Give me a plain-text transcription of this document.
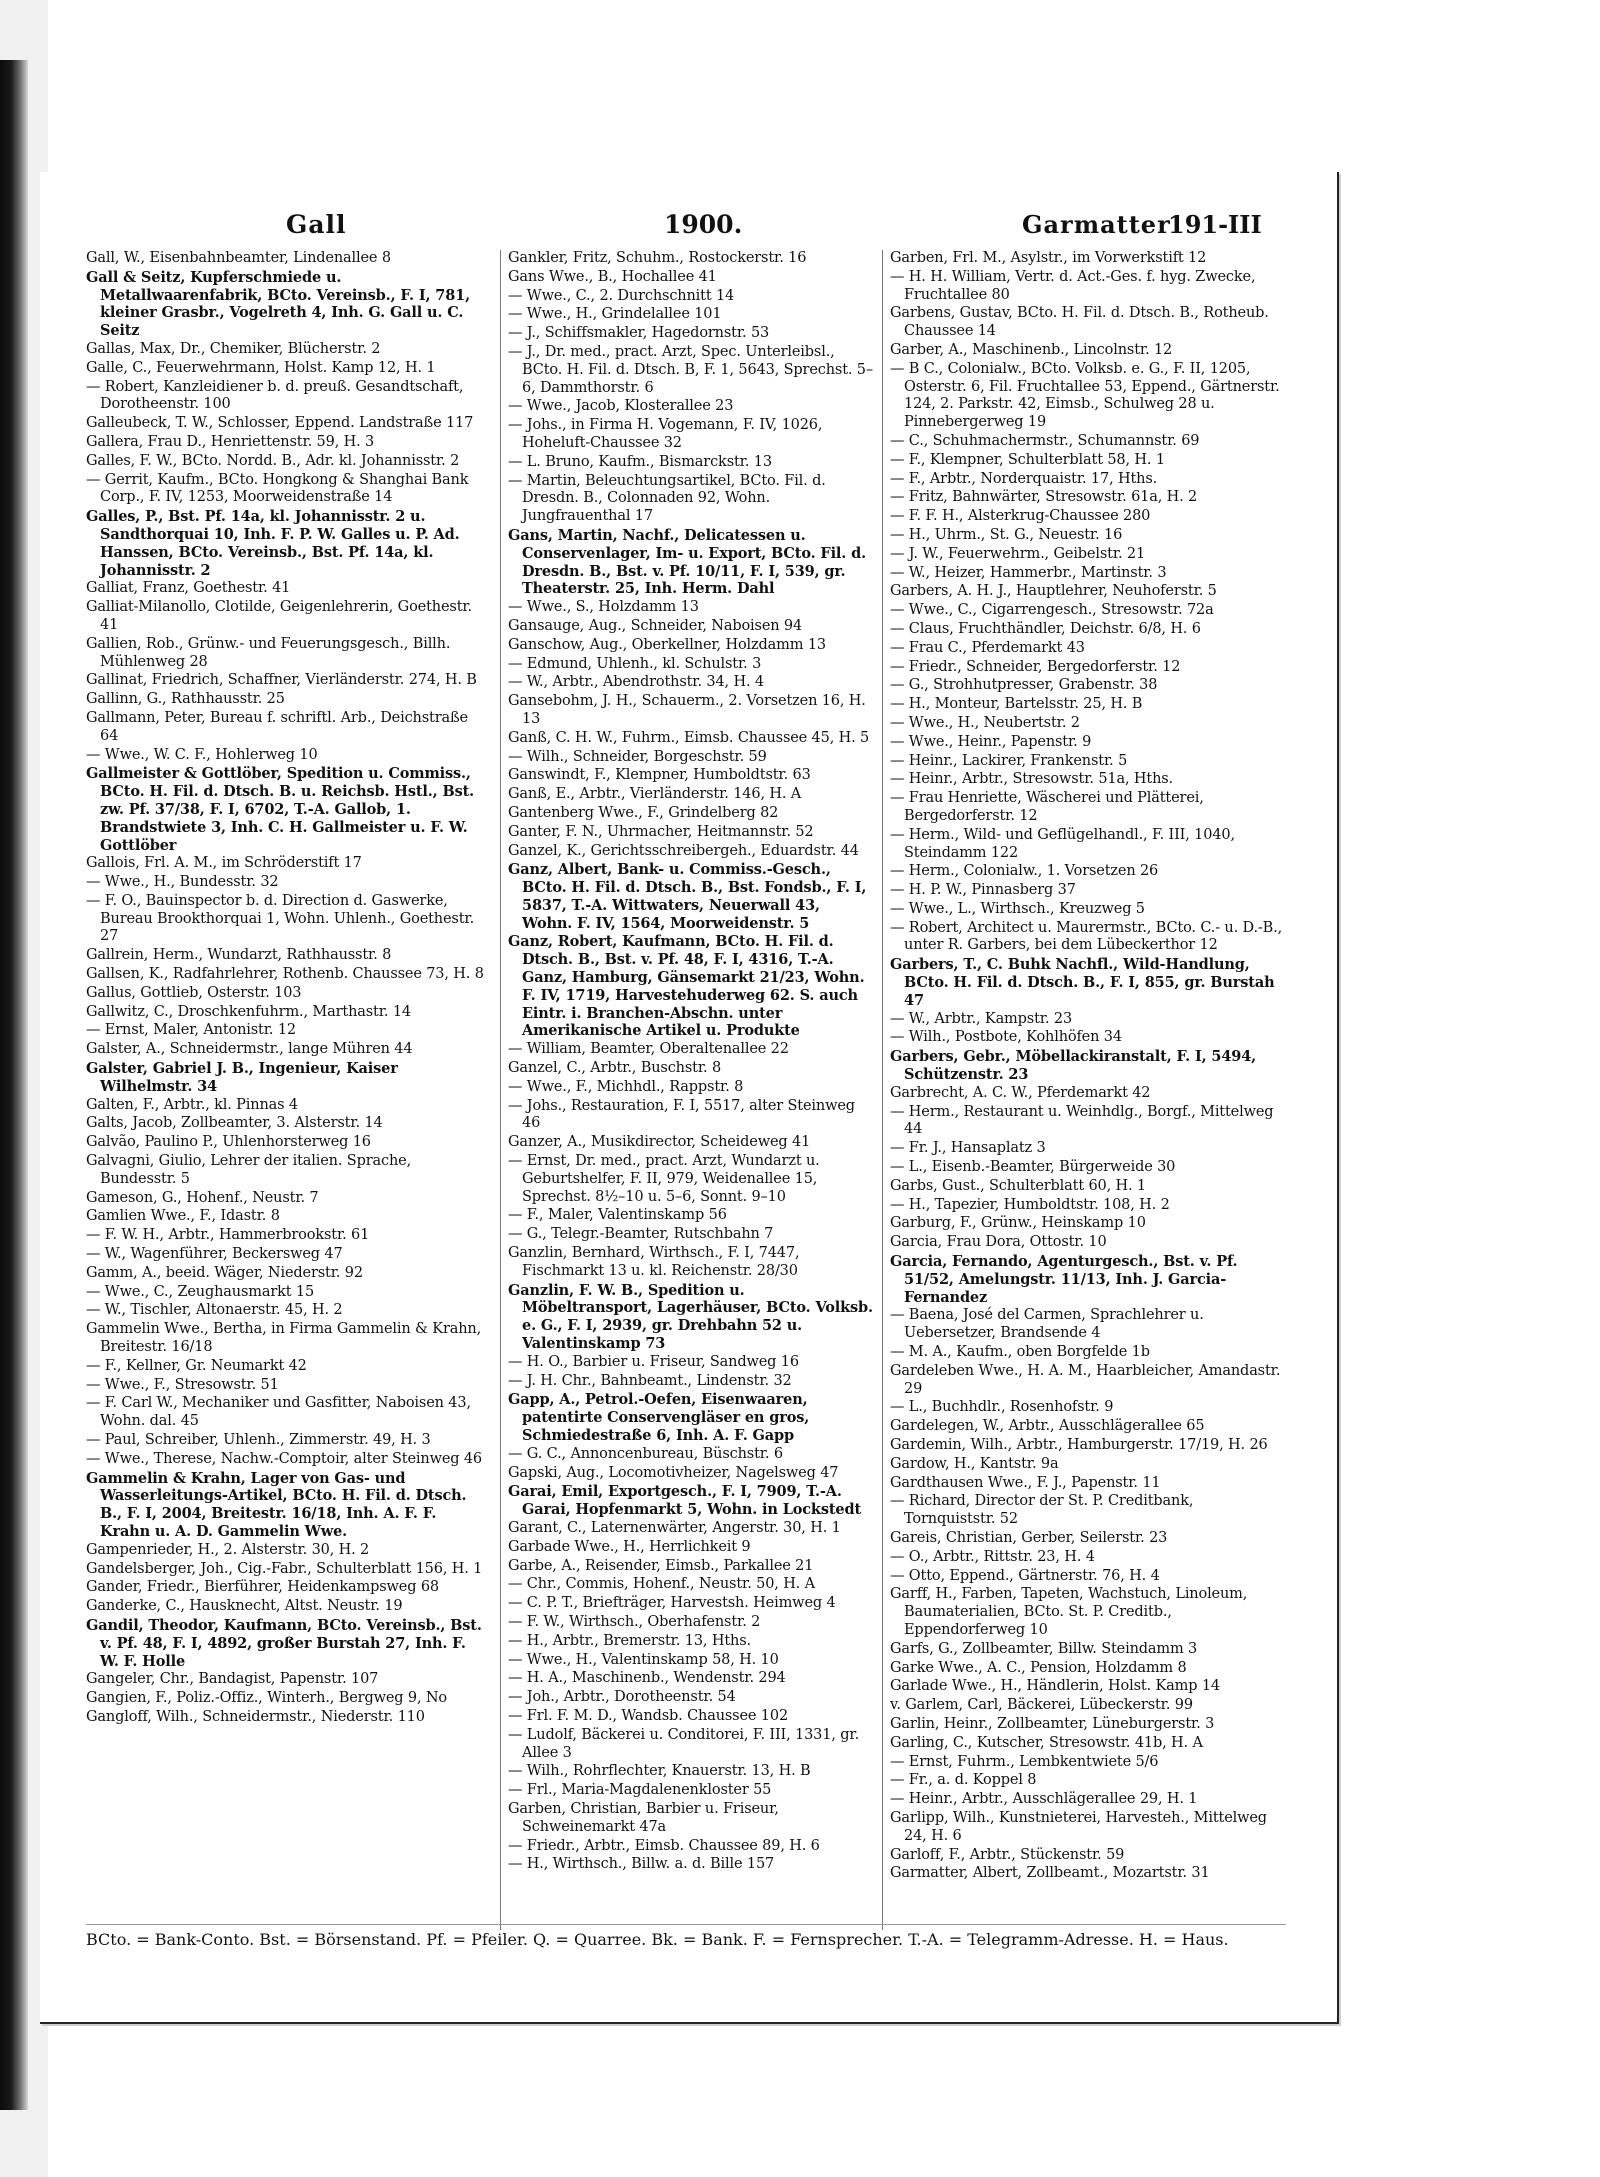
Gall	1900.	Garmatter
191-III
Gall, W., Eisenbahnbeamter, Lindenallee 8
Gall & Seitz, Kupferschmiede u. Metallwaarenfabrik, BCto. Vereinsb., F. I, 781, kleiner Grasbr., Vogelreth 4, Inh. G. Gall u. C. Seitz
Gallas, Max, Dr., Chemiker, Blücherstr. 2
Galle, C., Feuerwehrmann, Holst. Kamp 12, H. 1
— Robert, Kanzleidiener b. d. preuß. Gesandtschaft, Dorotheenstr. 100
Galleubeck, T. W., Schlosser, Eppend. Landstraße 117
Gallera, Frau D., Henriettenstr. 59, H. 3
Galles, F. W., BCto. Nordd. B., Adr. kl. Johannisstr. 2
— Gerrit, Kaufm., BCto. Hongkong & Shanghai Bank Corp., F. IV, 1253, Moorweidenstraße 14
Galles, P., Bst. Pf. 14a, kl. Johannisstr. 2 u. Sandthorquai 10, Inh. F. P. W. Galles u. P. Ad. Hanssen, BCto. Vereinsb., Bst. Pf. 14a, kl. Johannisstr. 2
Galliat, Franz, Goethestr. 41
Galliat-Milanollo, Clotilde, Geigenlehrerin, Goethestr. 41
Gallien, Rob., Grünw.- und Feuerungsgesch., Billh. Mühlenweg 28
Gallinat, Friedrich, Schaffner, Vierländerstr. 274, H. B
Gallinn, G., Rathhausstr. 25
Gallmann, Peter, Bureau f. schriftl. Arb., Deichstraße 64
— Wwe., W. C. F., Hohlerweg 10
Gallmeister & Gottlöber, Spedition u. Commiss., BCto. H. Fil. d. Dtsch. B. u. Reichsb. Hstl., Bst. zw. Pf. 37/38, F. I, 6702, T.-A. Gallob, 1. Brandstwiete 3, Inh. C. H. Gallmeister u. F. W. Gottlöber
Gallois, Frl. A. M., im Schröderstift 17
— Wwe., H., Bundesstr. 32
— F. O., Bauinspector b. d. Direction d. Gaswerke, Bureau Brookthorquai 1, Wohn. Uhlenh., Goethestr. 27
Gallrein, Herm., Wundarzt, Rathhausstr. 8
Gallsen, K., Radfahrlehrer, Rothenb. Chaussee 73, H. 8
Gallus, Gottlieb, Osterstr. 103
Gallwitz, C., Droschkenfuhrm., Marthastr. 14
— Ernst, Maler, Antonistr. 12
Galster, A., Schneidermstr., lange Mühren 44
Galster, Gabriel J. B., Ingenieur, Kaiser Wilhelmstr. 34
Galten, F., Arbtr., kl. Pinnas 4
Galts, Jacob, Zollbeamter, 3. Alsterstr. 14
Galvão, Paulino P., Uhlenhorsterweg 16
Galvagni, Giulio, Lehrer der italien. Sprache, Bundesstr. 5
Gameson, G., Hohenf., Neustr. 7
Gamlien Wwe., F., Idastr. 8
— F. W. H., Arbtr., Hammerbrookstr. 61
— W., Wagenführer, Beckersweg 47
Gamm, A., beeid. Wäger, Niederstr. 92
— Wwe., C., Zeughausmarkt 15
— W., Tischler, Altonaerstr. 45, H. 2
Gammelin Wwe., Bertha, in Firma Gammelin & Krahn, Breitestr. 16/18
— F., Kellner, Gr. Neumarkt 42
— Wwe., F., Stresowstr. 51
— F. Carl W., Mechaniker und Gasfitter, Naboisen 43, Wohn. dal. 45
— Paul, Schreiber, Uhlenh., Zimmerstr. 49, H. 3
— Wwe., Therese, Nachw.-Comptoir, alter Steinweg 46
Gammelin & Krahn, Lager von Gas- und Wasserleitungs-Artikel, BCto. H. Fil. d. Dtsch. B., F. I, 2004, Breitestr. 16/18, Inh. A. F. F. Krahn u. A. D. Gammelin Wwe.
Gampenrieder, H., 2. Alsterstr. 30, H. 2
Gandelsberger, Joh., Cig.-Fabr., Schulterblatt 156, H. 1
Gander, Friedr., Bierführer, Heidenkampsweg 68
Ganderke, C., Hausknecht, Altst. Neustr. 19
Gandil, Theodor, Kaufmann, BCto. Vereinsb., Bst. v. Pf. 48, F. I, 4892, großer Burstah 27, Inh. F. W. F. Holle
Gangeler, Chr., Bandagist, Papenstr. 107
Gangien, F., Poliz.-Offiz., Winterh., Bergweg 9, No
Gangloff, Wilh., Schneidermstr., Niederstr. 110
Gankler, Fritz, Schuhm., Rostockerstr. 16
Gans Wwe., B., Hochallee 41
— Wwe., C., 2. Durchschnitt 14
— Wwe., H., Grindelallee 101
— J., Schiffsmakler, Hagedornstr. 53
— J., Dr. med., pract. Arzt, Spec. Unterleibsl., BCto. H. Fil. d. Dtsch. B, F. 1, 5643, Sprechst. 5–6, Dammthorstr. 6
— Wwe., Jacob, Klosterallee 23
— Johs., in Firma H. Vogemann, F. IV, 1026, Hoheluft-Chaussee 32
— L. Bruno, Kaufm., Bismarckstr. 13
— Martin, Beleuchtungsartikel, BCto. Fil. d. Dresdn. B., Colonnaden 92, Wohn. Jungfrauenthal 17
Gans, Martin, Nachf., Delicatessen u. Conservenlager, Im- u. Export, BCto. Fil. d. Dresdn. B., Bst. v. Pf. 10/11, F. I, 539, gr. Theaterstr. 25, Inh. Herm. Dahl
— Wwe., S., Holzdamm 13
Gansauge, Aug., Schneider, Naboisen 94
Ganschow, Aug., Oberkellner, Holzdamm 13
— Edmund, Uhlenh., kl. Schulstr. 3
— W., Arbtr., Abendrothstr. 34, H. 4
Gansebohm, J. H., Schauerm., 2. Vorsetzen 16, H. 13
Ganß, C. H. W., Fuhrm., Eimsb. Chaussee 45, H. 5
— Wilh., Schneider, Borgeschstr. 59
Ganswindt, F., Klempner, Humboldtstr. 63
Ganß, E., Arbtr., Vierländerstr. 146, H. A
Gantenberg Wwe., F., Grindelberg 82
Ganter, F. N., Uhrmacher, Heitmannstr. 52
Ganzel, K., Gerichtsschreibergeh., Eduardstr. 44
Ganz, Albert, Bank- u. Commiss.-Gesch., BCto. H. Fil. d. Dtsch. B., Bst. Fondsb., F. I, 5837, T.-A. Wittwaters, Neuerwall 43, Wohn. F. IV, 1564, Moorweidenstr. 5
Ganz, Robert, Kaufmann, BCto. H. Fil. d. Dtsch. B., Bst. v. Pf. 48, F. I, 4316, T.-A. Ganz, Hamburg, Gänsemarkt 21/23, Wohn. F. IV, 1719, Harvestehuderweg 62. S. auch Eintr. i. Branchen-Abschn. unter Amerikanische Artikel u. Produkte
— William, Beamter, Oberaltenallee 22
Ganzel, C., Arbtr., Buschstr. 8
— Wwe., F., Michhdl., Rappstr. 8
— Johs., Restauration, F. I, 5517, alter Steinweg 46
Ganzer, A., Musikdirector, Scheideweg 41
— Ernst, Dr. med., pract. Arzt, Wundarzt u. Geburtshelfer, F. II, 979, Weidenallee 15, Sprechst. 8½–10 u. 5–6, Sonnt. 9–10
— F., Maler, Valentinskamp 56
— G., Telegr.-Beamter, Rutschbahn 7
Ganzlin, Bernhard, Wirthsch., F. I, 7447, Fischmarkt 13 u. kl. Reichenstr. 28/30
Ganzlin, F. W. B., Spedition u. Möbeltransport, Lagerhäuser, BCto. Volksb. e. G., F. I, 2939, gr. Drehbahn 52 u. Valentinskamp 73
— H. O., Barbier u. Friseur, Sandweg 16
— J. H. Chr., Bahnbeamt., Lindenstr. 32
Gapp, A., Petrol.-Oefen, Eisenwaaren, patentirte Conservengläser en gros, Schmiedestraße 6, Inh. A. F. Gapp
— G. C., Annoncenbureau, Büschstr. 6
Gapski, Aug., Locomotivheizer, Nagelsweg 47
Garai, Emil, Exportgesch., F. I, 7909, T.-A. Garai, Hopfenmarkt 5, Wohn. in Lockstedt
Garant, C., Laternenwärter, Angerstr. 30, H. 1
Garbade Wwe., H., Herrlichkeit 9
Garbe, A., Reisender, Eimsb., Parkallee 21
— Chr., Commis, Hohenf., Neustr. 50, H. A
— C. P. T., Briefträger, Harvestsh. Heimweg 4
— F. W., Wirthsch., Oberhafenstr. 2
— H., Arbtr., Bremerstr. 13, Hths.
— Wwe., H., Valentinskamp 58, H. 10
— H. A., Maschinenb., Wendenstr. 294
— Joh., Arbtr., Dorotheenstr. 54
— Frl. F. M. D., Wandsb. Chaussee 102
— Ludolf, Bäckerei u. Conditorei, F. III, 1331, gr. Allee 3
— Wilh., Rohrflechter, Knauerstr. 13, H. B
— Frl., Maria-Magdalenenkloster 55
Garben, Christian, Barbier u. Friseur, Schweinemarkt 47a
— Friedr., Arbtr., Eimsb. Chaussee 89, H. 6
— H., Wirthsch., Billw. a. d. Bille 157
Garben, Frl. M., Asylstr., im Vorwerkstift 12
— H. H. William, Vertr. d. Act.-Ges. f. hyg. Zwecke, Fruchtallee 80
Garbens, Gustav, BCto. H. Fil. d. Dtsch. B., Rotheub. Chaussee 14
Garber, A., Maschinenb., Lincolnstr. 12
— B C., Colonialw., BCto. Volksb. e. G., F. II, 1205, Osterstr. 6, Fil. Fruchtallee 53, Eppend., Gärtnerstr. 124, 2. Parkstr. 42, Eimsb., Schulweg 28 u. Pinnebergerweg 19
— C., Schuhmachermstr., Schumannstr. 69
— F., Klempner, Schulterblatt 58, H. 1
— F., Arbtr., Norderquaistr. 17, Hths.
— Fritz, Bahnwärter, Stresowstr. 61a, H. 2
— F. F. H., Alsterkrug-Chaussee 280
— H., Uhrm., St. G., Neuestr. 16
— J. W., Feuerwehrm., Geibelstr. 21
— W., Heizer, Hammerbr., Martinstr. 3
Garbers, A. H. J., Hauptlehrer, Neuhoferstr. 5
— Wwe., C., Cigarrengesch., Stresowstr. 72a
— Claus, Fruchthändler, Deichstr. 6/8, H. 6
— Frau C., Pferdemarkt 43
— Friedr., Schneider, Bergedorferstr. 12
— G., Strohhutpresser, Grabenstr. 38
— H., Monteur, Bartelsstr. 25, H. B
— Wwe., H., Neubertstr. 2
— Wwe., Heinr., Papenstr. 9
— Heinr., Lackirer, Frankenstr. 5
— Heinr., Arbtr., Stresowstr. 51a, Hths.
— Frau Henriette, Wäscherei und Plätterei, Bergedorferstr. 12
— Herm., Wild- und Geflügelhandl., F. III, 1040, Steindamm 122
— Herm., Colonialw., 1. Vorsetzen 26
— H. P. W., Pinnasberg 37
— Wwe., L., Wirthsch., Kreuzweg 5
— Robert, Architect u. Maurermstr., BCto. C.- u. D.-B., unter R. Garbers, bei dem Lübeckerthor 12
Garbers, T., C. Buhk Nachfl., Wild-Handlung, BCto. H. Fil. d. Dtsch. B., F. I, 855, gr. Burstah 47
— W., Arbtr., Kampstr. 23
— Wilh., Postbote, Kohlhöfen 34
Garbers, Gebr., Möbellackiranstalt, F. I, 5494, Schützenstr. 23
Garbrecht, A. C. W., Pferdemarkt 42
— Herm., Restaurant u. Weinhdlg., Borgf., Mittelweg 44
— Fr. J., Hansaplatz 3
— L., Eisenb.-Beamter, Bürgerweide 30
Garbs, Gust., Schulterblatt 60, H. 1
— H., Tapezier, Humboldtstr. 108, H. 2
Garburg, F., Grünw., Heinskamp 10
Garcia, Frau Dora, Ottostr. 10
Garcia, Fernando, Agenturgesch., Bst. v. Pf. 51/52, Amelungstr. 11/13, Inh. J. Garcia-Fernandez
— Baena, José del Carmen, Sprachlehrer u. Uebersetzer, Brandsende 4
— M. A., Kaufm., oben Borgfelde 1b
Gardeleben Wwe., H. A. M., Haarbleicher, Amandastr. 29
— L., Buchhdlr., Rosenhofstr. 9
Gardelegen, W., Arbtr., Ausschlägerallee 65
Gardemin, Wilh., Arbtr., Hamburgerstr. 17/19, H. 26
Gardow, H., Kantstr. 9a
Gardthausen Wwe., F. J., Papenstr. 11
— Richard, Director der St. P. Creditbank, Tornquiststr. 52
Gareis, Christian, Gerber, Seilerstr. 23
— O., Arbtr., Rittstr. 23, H. 4
— Otto, Eppend., Gärtnerstr. 76, H. 4
Garff, H., Farben, Tapeten, Wachstuch, Linoleum, Baumaterialien, BCto. St. P. Creditb., Eppendorferweg 10
Garfs, G., Zollbeamter, Billw. Steindamm 3
Garke Wwe., A. C., Pension, Holzdamm 8
Garlade Wwe., H., Händlerin, Holst. Kamp 14
v. Garlem, Carl, Bäckerei, Lübeckerstr. 99
Garlin, Heinr., Zollbeamter, Lüneburgerstr. 3
Garling, C., Kutscher, Stresowstr. 41b, H. A
— Ernst, Fuhrm., Lembkentwiete 5/6
— Fr., a. d. Koppel 8
— Heinr., Arbtr., Ausschlägerallee 29, H. 1
Garlipp, Wilh., Kunstnieterei, Harvesteh., Mittelweg 24, H. 6
Garloff, F., Arbtr., Stückenstr. 59
Garmatter, Albert, Zollbeamt., Mozartstr. 31
BCto. = Bank-Conto. Bst. = Börsenstand. Pf. = Pfeiler. Q. = Quarree. Bk. = Bank. F. = Fernsprecher. T.-A. = Telegramm-Adresse. H. = Haus.
